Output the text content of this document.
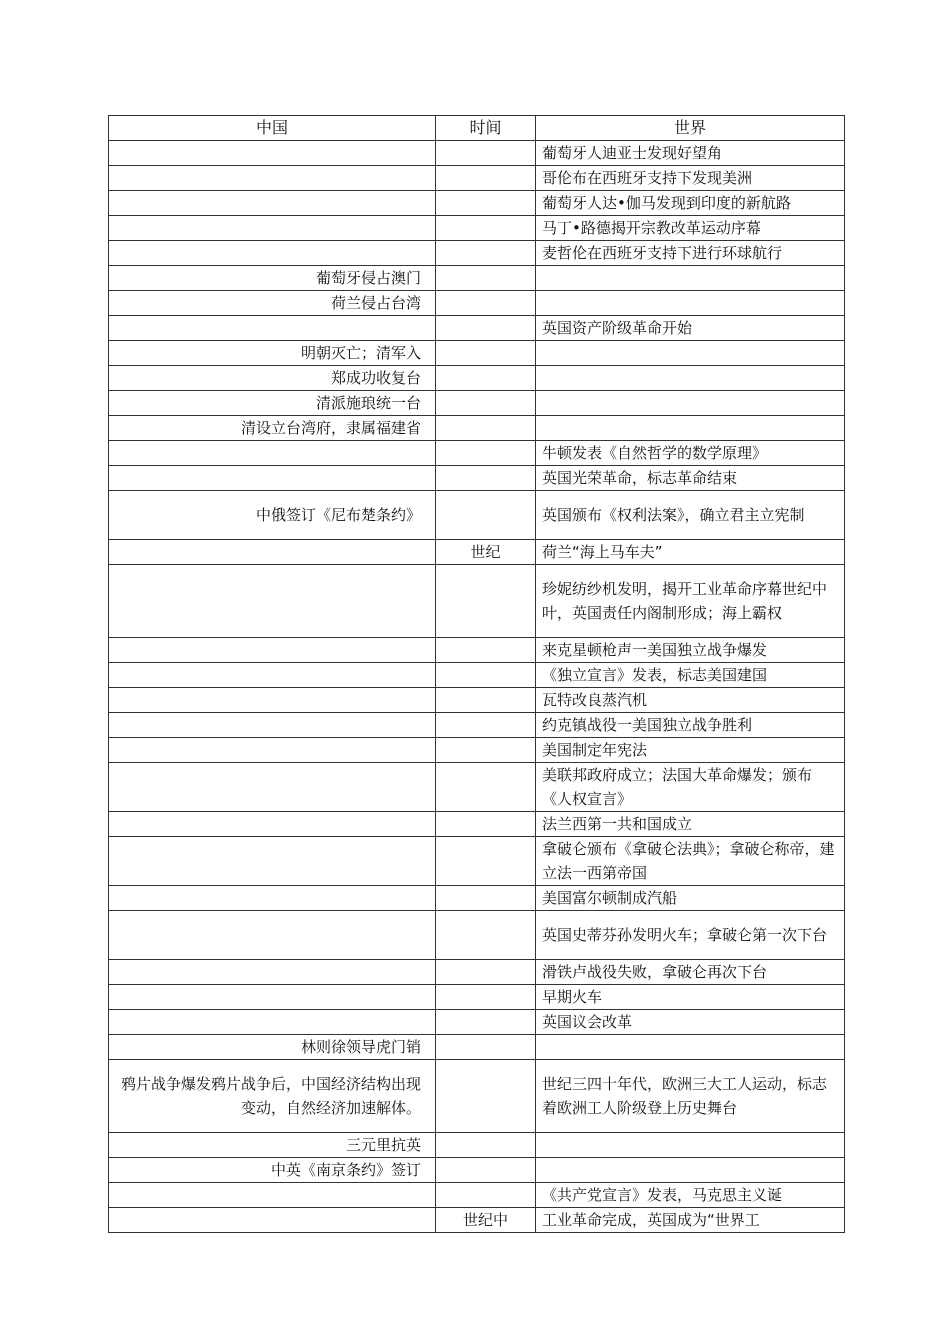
中国	时间	世界
		葡萄牙人迪亚士发现好望角
		哥伦布在西班牙支持下发现美洲
		葡萄牙人达•伽马发现到印度的新航路
		马丁•路德揭开宗教改革运动序幕
		麦哲伦在西班牙支持下进行环球航行
葡萄牙侵占澳门		
荷兰侵占台湾		
		英国资产阶级革命开始
明朝灭亡；清军入		
郑成功收复台		
清派施琅统一台		
清设立台湾府，隶属福建省		
		牛顿发表《自然哲学的数学原理》
		英国光荣革命，标志革命结束
中俄签订《尼布楚条约》		英国颁布《权利法案》，确立君主立宪制
	世纪	荷兰“海上马车夫”
		珍妮纺纱机发明，揭开工业革命序幕世纪中叶，英国责任内阁制形成；海上霸权
		来克星顿枪声一美国独立战争爆发
		《独立宣言》发表，标志美国建国
		瓦特改良蒸汽机
		约克镇战役一美国独立战争胜利
		美国制定年宪法
		美联邦政府成立；法国大革命爆发；颁布《人权宣言》
		法兰西第一共和国成立
		拿破仑颁布《拿破仑法典》；拿破仑称帝，建立法一西第帝国
		美国富尔顿制成汽船
		英国史蒂芬孙发明火车；拿破仑第一次下台
		滑铁卢战役失败，拿破仑再次下台
		早期火车
		英国议会改革
林则徐领导虎门销		
鸦片战争爆发鸦片战争后，中国经济结构出现变动，自然经济加速解体。		世纪三四十年代，欧洲三大工人运动，标志着欧洲工人阶级登上历史舞台
三元里抗英		
中英《南京条约》签订		
		《共产党宣言》发表，马克思主义诞
	世纪中	工业革命完成，英国成为“世界工
